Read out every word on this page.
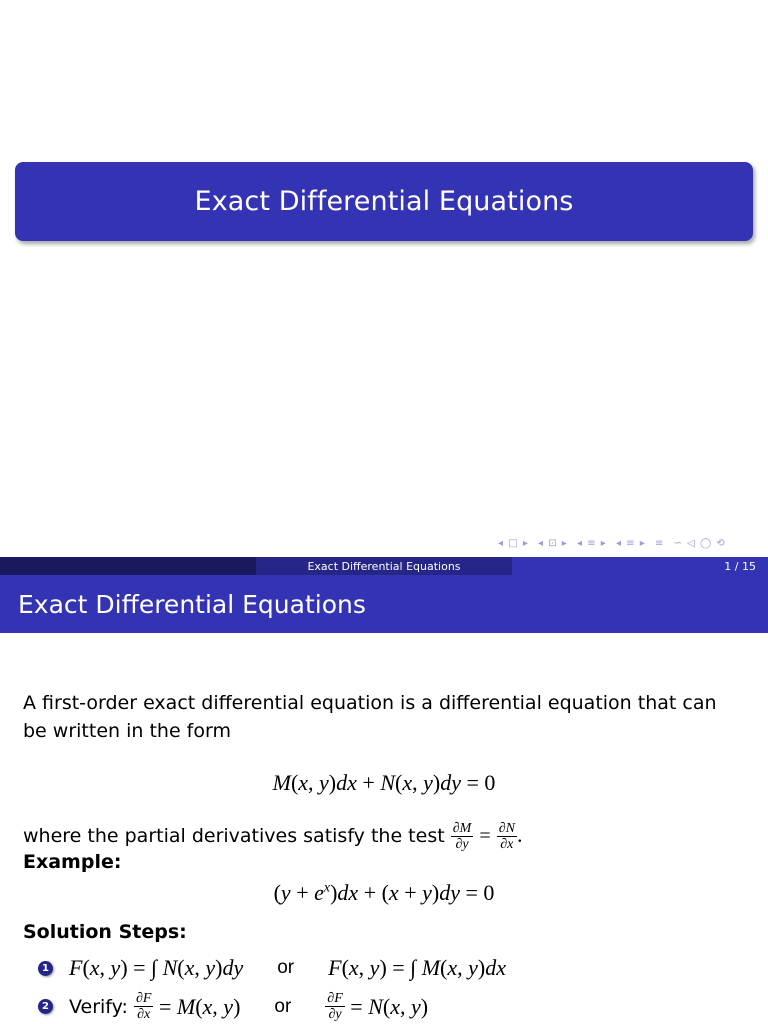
Exact Differential Equations
◂ □ ▸ ◂ ⊡ ▸ ◂ ≡ ▸ ◂ ≡ ▸ ≡ ∽ ◁ ◯ ⟲
Exact Differential Equations	1 / 15
Exact Differential Equations
A first-order exact differential equation is a differential equation that can be written in the form
M(x, y)dx + N(x, y)dy = 0
where the partial derivatives satisfy the test $\frac{\partial M}{\partial y} = \frac{\partial N}{\partial x}$ .
Example:
$(y + e^x)dx + (x + y)dy = 0$
Solution Steps:
1 F(x, y) = ∫ N(x, y)dy or F(x, y) = ∫ M(x, y)dx
2 Verify:
$\frac{\partial F}{\partial x} = M(x$, y) or $\frac{\partial F}{\partial y} = N(x$, y)
